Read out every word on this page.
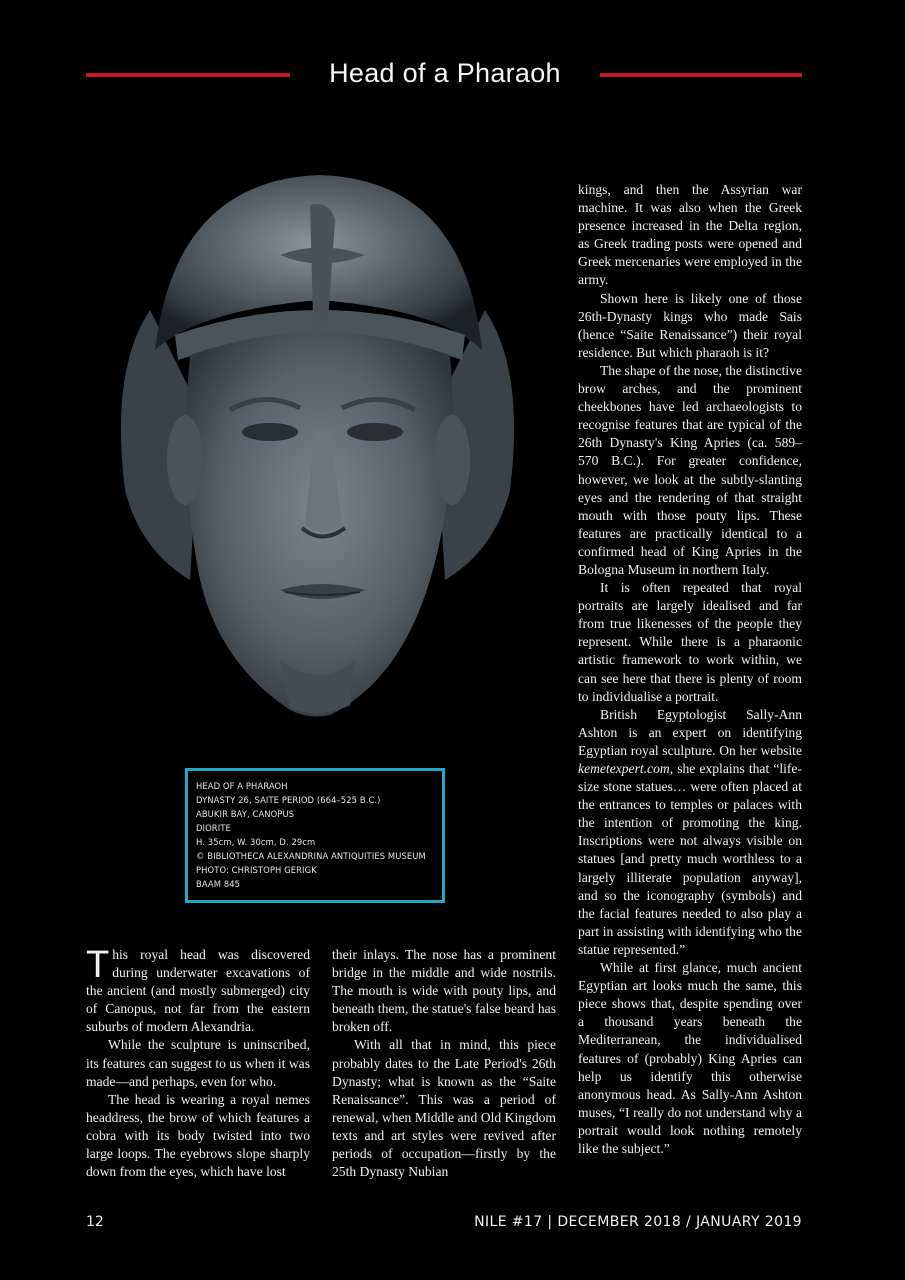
Head of a Pharaoh
HEAD OF A PHARAOH
DYNASTY 26, SAITE PERIOD (664–525 B.C.)
ABUKIR BAY, CANOPUS
DIORITE
H. 35cm, W. 30cm, D. 29cm
© BIBLIOTHECA ALEXANDRINA ANTIQUITIES MUSEUM
PHOTO: CHRISTOPH GERIGK
BAAM 845

This royal head was discovered during underwater excavations of the ancient (and mostly submerged) city of Canopus, not far from the eastern suburbs of modern Alexandria.

While the sculpture is uninscribed, its features can suggest to us when it was made—and perhaps, even for who.

The head is wearing a royal nemes headdress, the brow of which features a cobra with its body twisted into two large loops. The eyebrows slope sharply down from the eyes, which have lost

their inlays. The nose has a prominent bridge in the middle and wide nostrils. The mouth is wide with pouty lips, and beneath them, the statue's false beard has broken off.

With all that in mind, this piece probably dates to the Late Period's 26th Dynasty; what is known as the “Saite Renaissance”. This was a period of renewal, when Middle and Old Kingdom texts and art styles were revived after periods of occupation—firstly by the 25th Dynasty Nubian

kings, and then the Assyrian war machine. It was also when the Greek presence increased in the Delta region, as Greek trading posts were opened and Greek mercenaries were employed in the army.

Shown here is likely one of those 26th-Dynasty kings who made Sais (hence “Saite Renaissance”) their royal residence. But which pharaoh is it?

The shape of the nose, the distinctive brow arches, and the prominent cheekbones have led archaeologists to recognise features that are typical of the 26th Dynasty's King Apries (ca. 589–570 B.C.). For greater confidence, however, we look at the subtly-slanting eyes and the rendering of that straight mouth with those pouty lips. These features are practically identical to a confirmed head of King Apries in the Bologna Museum in northern Italy.

It is often repeated that royal portraits are largely idealised and far from true likenesses of the people they represent. While there is a pharaonic artistic framework to work within, we can see here that there is plenty of room to individualise a portrait.

British Egyptologist Sally-Ann Ashton is an expert on identifying Egyptian royal sculpture. On her website kemetexpert.com, she explains that “life-size stone statues… were often placed at the entrances to temples or palaces with the intention of promoting the king. Inscriptions were not always visible on statues [and pretty much worthless to a largely illiterate population anyway], and so the iconography (symbols) and the facial features needed to also play a part in assisting with identifying who the statue represented.”

While at first glance, much ancient Egyptian art looks much the same, this piece shows that, despite spending over a thousand years beneath the Mediterranean, the individualised features of (probably) King Apries can help us identify this otherwise anonymous head. As Sally-Ann Ashton muses, “I really do not understand why a portrait would look nothing remotely like the subject.”

12	NILE #17 | DECEMBER 2018 / JANUARY 2019
